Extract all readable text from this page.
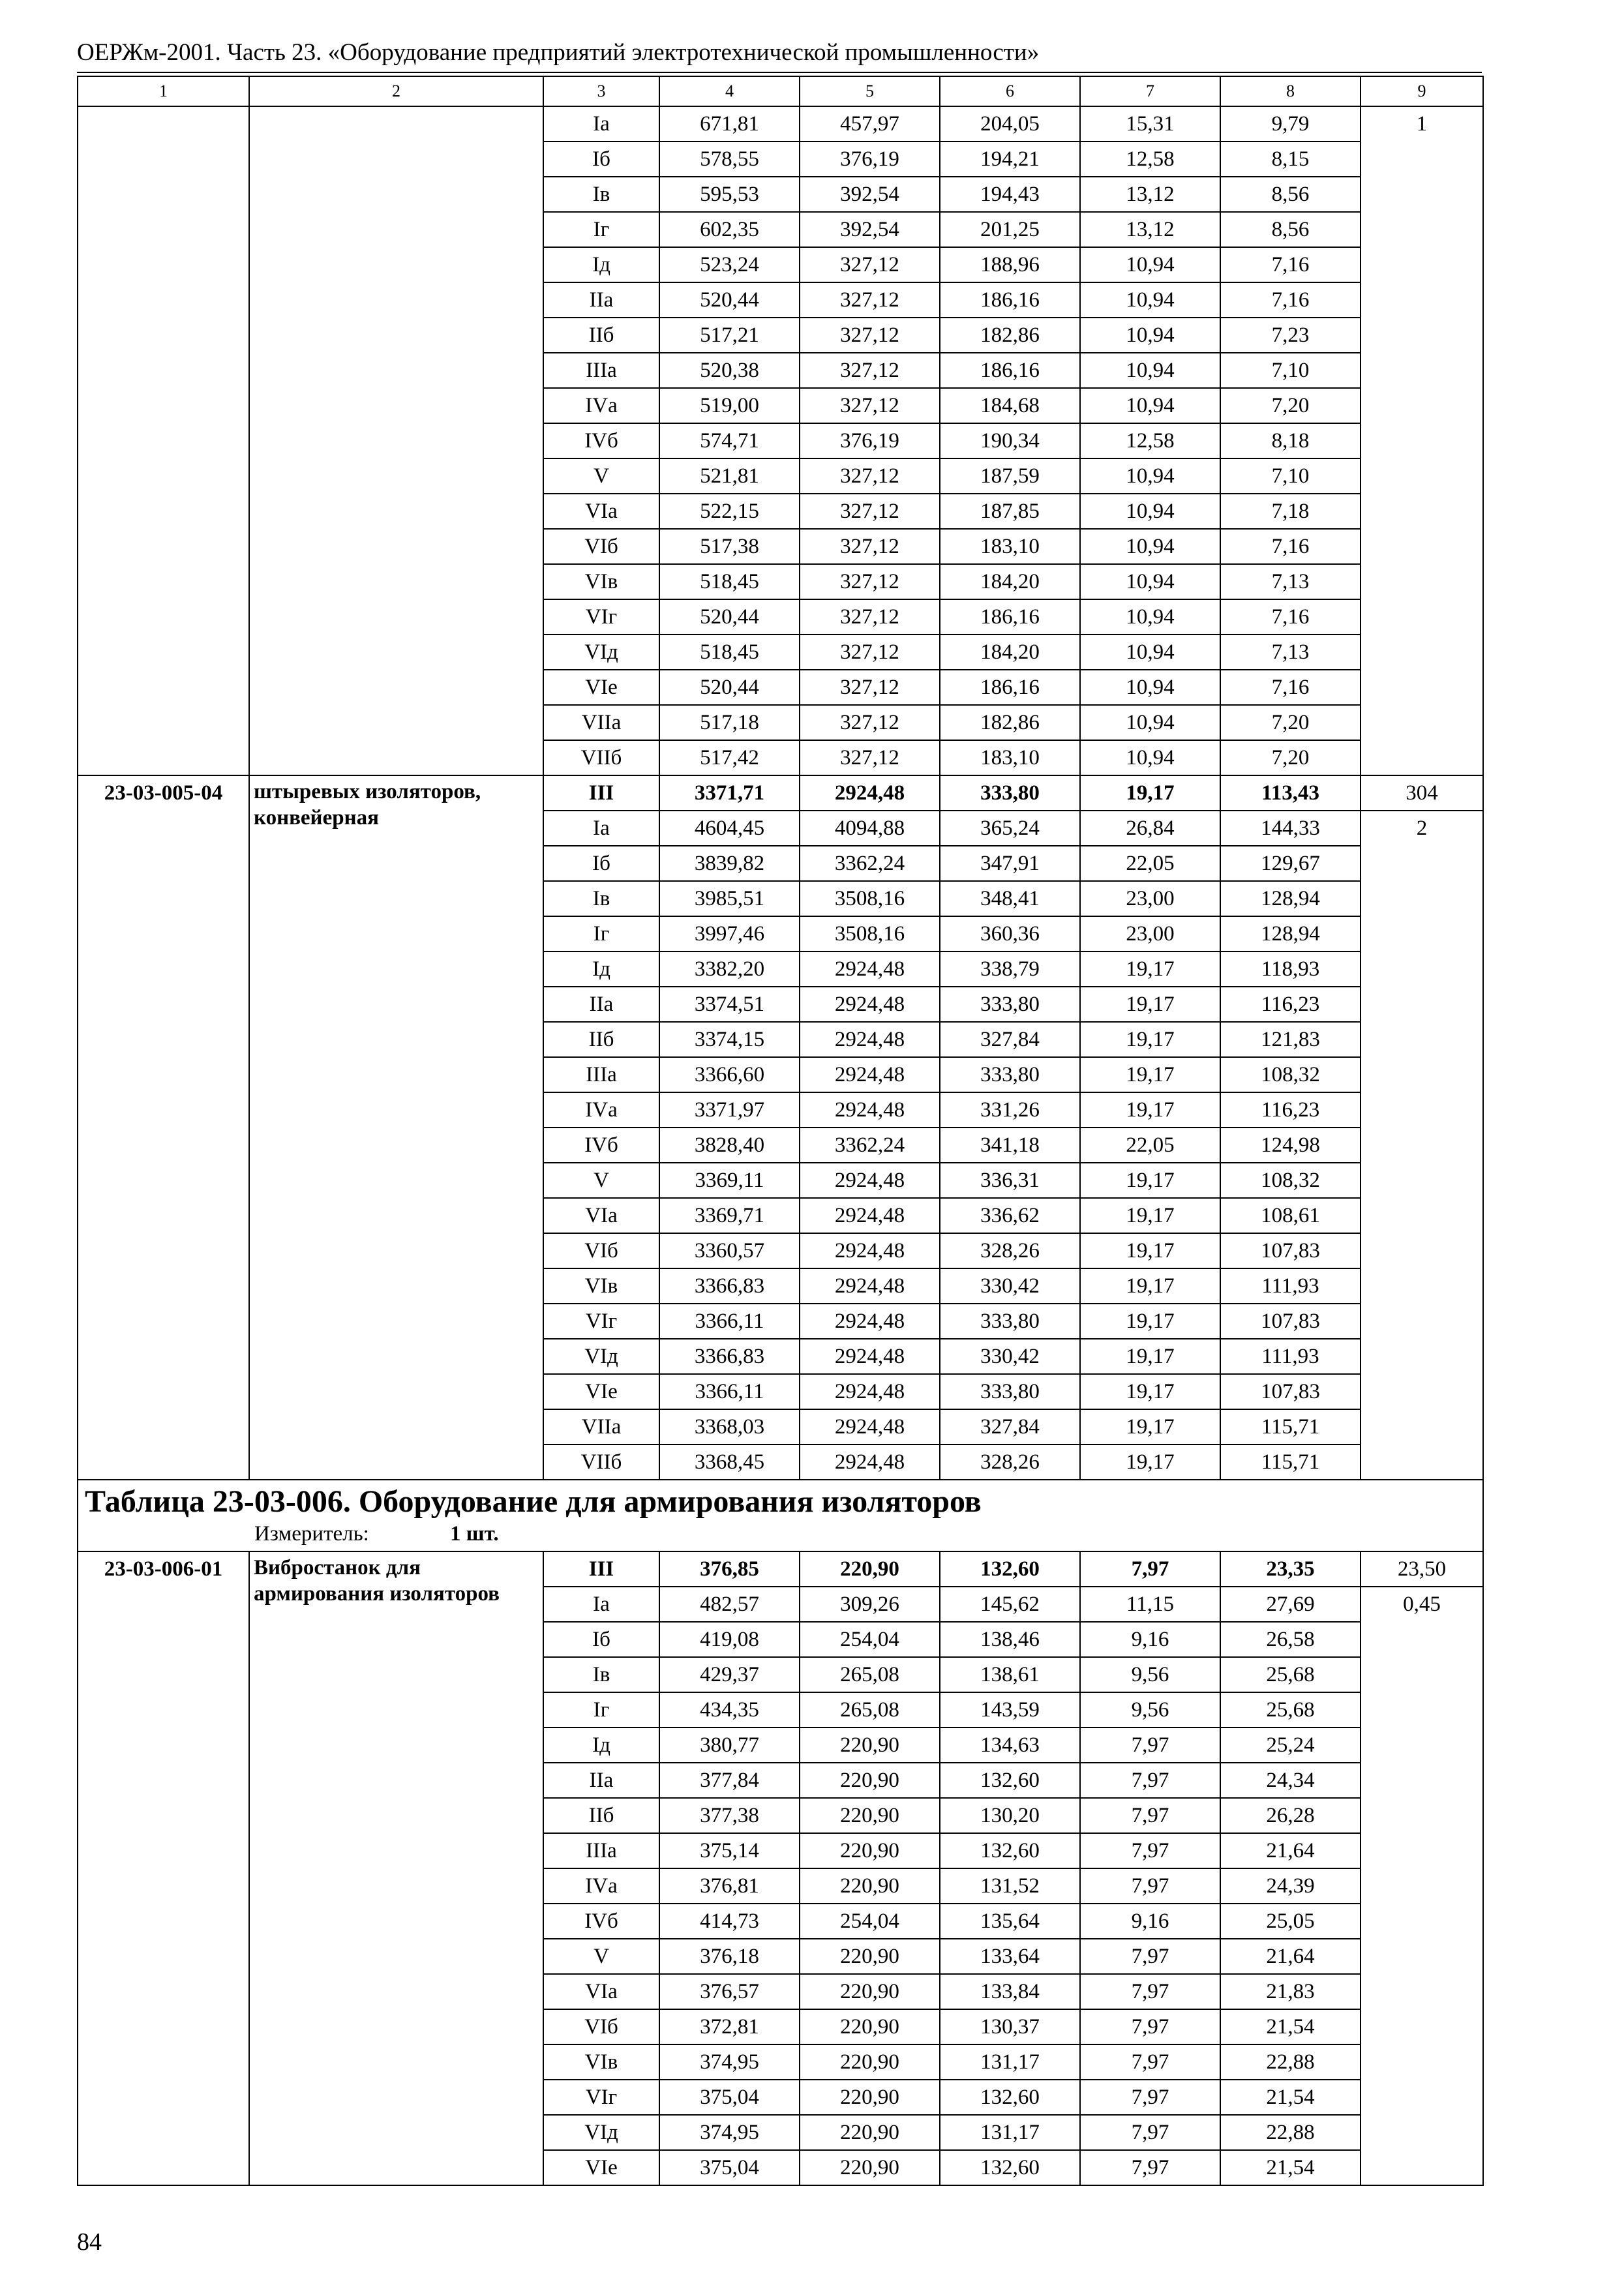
ОЕРЖм-2001. Часть 23. «Оборудование предприятий электротехнической промышленности»
1	2	3	4	5	6	7	8	9
		Iа	671,81	457,97	204,05	15,31	9,79	1
		Iб	578,55	376,19	194,21	12,58	8,15	
		Iв	595,53	392,54	194,43	13,12	8,56	
		Iг	602,35	392,54	201,25	13,12	8,56	
		Iд	523,24	327,12	188,96	10,94	7,16	
		IIа	520,44	327,12	186,16	10,94	7,16	
		IIб	517,21	327,12	182,86	10,94	7,23	
		IIIа	520,38	327,12	186,16	10,94	7,10	
		IVа	519,00	327,12	184,68	10,94	7,20	
		IVб	574,71	376,19	190,34	12,58	8,18	
		V	521,81	327,12	187,59	10,94	7,10	
		VIа	522,15	327,12	187,85	10,94	7,18	
		VIб	517,38	327,12	183,10	10,94	7,16	
		VIв	518,45	327,12	184,20	10,94	7,13	
		VIг	520,44	327,12	186,16	10,94	7,16	
		VIд	518,45	327,12	184,20	10,94	7,13	
		VIе	520,44	327,12	186,16	10,94	7,16	
		VIIа	517,18	327,12	182,86	10,94	7,20	
		VIIб	517,42	327,12	183,10	10,94	7,20	
23-03-005-04	штыревых изоляторов, конвейерная	III	3371,71	2924,48	333,80	19,17	113,43	304
		Iа	4604,45	4094,88	365,24	26,84	144,33	2
		Iб	3839,82	3362,24	347,91	22,05	129,67	
		Iв	3985,51	3508,16	348,41	23,00	128,94	
		Iг	3997,46	3508,16	360,36	23,00	128,94	
		Iд	3382,20	2924,48	338,79	19,17	118,93	
		IIа	3374,51	2924,48	333,80	19,17	116,23	
		IIб	3374,15	2924,48	327,84	19,17	121,83	
		IIIа	3366,60	2924,48	333,80	19,17	108,32	
		IVа	3371,97	2924,48	331,26	19,17	116,23	
		IVб	3828,40	3362,24	341,18	22,05	124,98	
		V	3369,11	2924,48	336,31	19,17	108,32	
		VIа	3369,71	2924,48	336,62	19,17	108,61	
		VIб	3360,57	2924,48	328,26	19,17	107,83	
		VIв	3366,83	2924,48	330,42	19,17	111,93	
		VIг	3366,11	2924,48	333,80	19,17	107,83	
		VIд	3366,83	2924,48	330,42	19,17	111,93	
		VIе	3366,11	2924,48	333,80	19,17	107,83	
		VIIа	3368,03	2924,48	327,84	19,17	115,71	
		VIIб	3368,45	2924,48	328,26	19,17	115,71	

Таблица 23-03-006. Оборудование для армирования изоляторов
Измеритель: 1 шт.								

23-03-006-01	Вибростанок для армирования изоляторов	III	376,85	220,90	132,60	7,97	23,35	23,50
		Iа	482,57	309,26	145,62	11,15	27,69	0,45
		Iб	419,08	254,04	138,46	9,16	26,58	
		Iв	429,37	265,08	138,61	9,56	25,68	
		Iг	434,35	265,08	143,59	9,56	25,68	
		Iд	380,77	220,90	134,63	7,97	25,24	
		IIа	377,84	220,90	132,60	7,97	24,34	
		IIб	377,38	220,90	130,20	7,97	26,28	
		IIIа	375,14	220,90	132,60	7,97	21,64	
		IVа	376,81	220,90	131,52	7,97	24,39	
		IVб	414,73	254,04	135,64	9,16	25,05	
		V	376,18	220,90	133,64	7,97	21,64	
		VIа	376,57	220,90	133,84	7,97	21,83	
		VIб	372,81	220,90	130,37	7,97	21,54	
		VIв	374,95	220,90	131,17	7,97	22,88	
		VIг	375,04	220,90	132,60	7,97	21,54	
		VIд	374,95	220,90	131,17	7,97	22,88	
		VIе	375,04	220,90	132,60	7,97	21,54	
84
